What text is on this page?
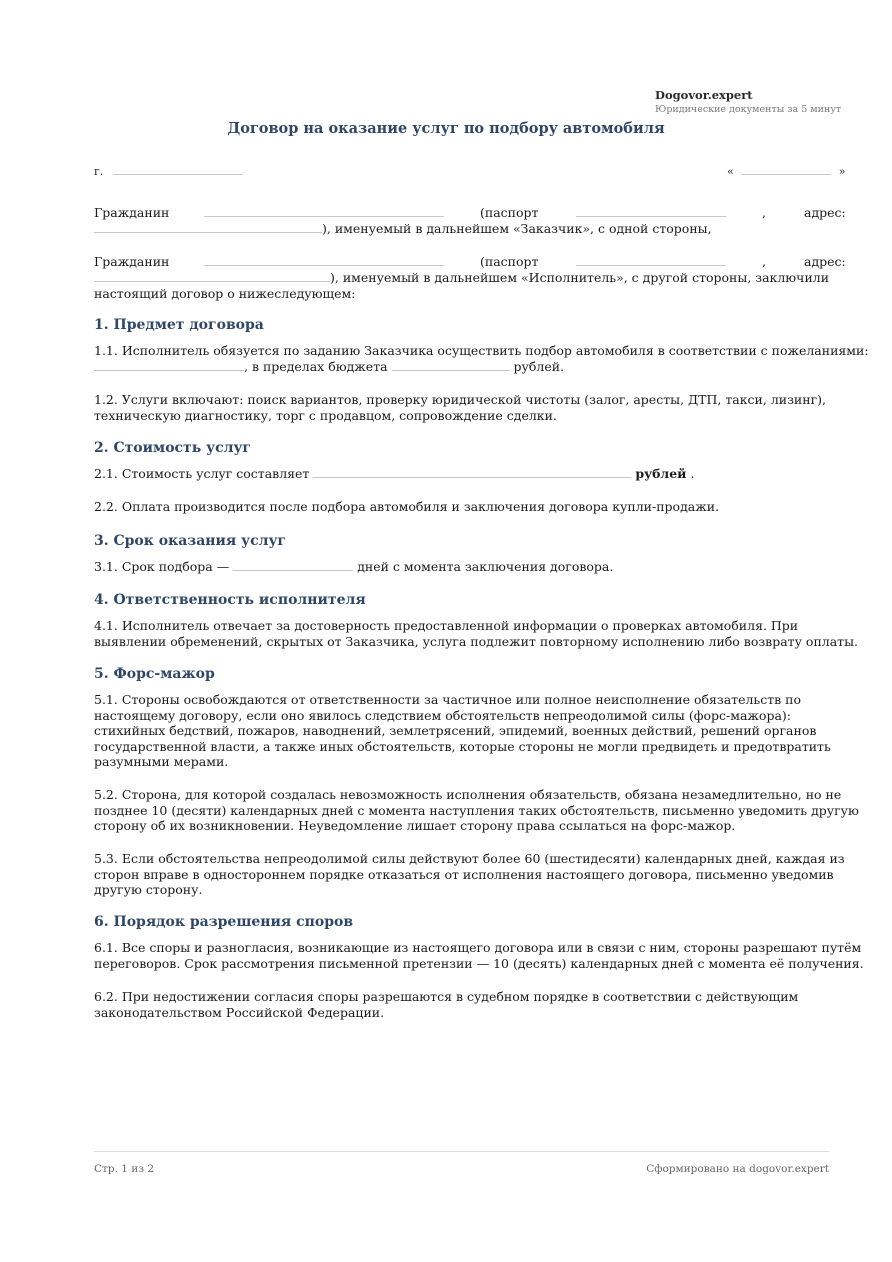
Dogovor.expert
Юридические документы за 5 минут
Договор на оказание услуг по подбору автомобиля
г.	«	»
Гражданин	(паспорт	,	адрес:
), именуемый в дальнейшем «Заказчик», с одной стороны,
Гражданин	(паспорт	,	адрес:
), именуемый в дальнейшем «Исполнитель», с другой стороны, заключили
настоящий договор о нижеследующем:
1. Предмет договора
1.1. Исполнитель обязуется по заданию Заказчика осуществить подбор автомобиля в соответствии с пожеланиями:
, в пределах бюджета	рублей.
1.2. Услуги включают: поиск вариантов, проверку юридической чистоты (залог, аресты, ДТП, такси, лизинг), техническую диагностику, торг с продавцом, сопровождение сделки.
2. Стоимость услуг
2.1. Стоимость услуг составляет	рублей .
2.2. Оплата производится после подбора автомобиля и заключения договора купли-продажи.
3. Срок оказания услуг
3.1. Срок подбора —	дней с момента заключения договора.
4. Ответственность исполнителя
4.1. Исполнитель отвечает за достоверность предоставленной информации о проверках автомобиля. При выявлении обременений, скрытых от Заказчика, услуга подлежит повторному исполнению либо возврату оплаты.
5. Форс-мажор
5.1. Стороны освобождаются от ответственности за частичное или полное неисполнение обязательств по настоящему договору, если оно явилось следствием обстоятельств непреодолимой силы (форс-мажора): стихийных бедствий, пожаров, наводнений, землетрясений, эпидемий, военных действий, решений органов государственной власти, а также иных обстоятельств, которые стороны не могли предвидеть и предотвратить разумными мерами.
5.2. Сторона, для которой создалась невозможность исполнения обязательств, обязана незамедлительно, но не позднее 10 (десяти) календарных дней с момента наступления таких обстоятельств, письменно уведомить другую сторону об их возникновении. Неуведомление лишает сторону права ссылаться на форс-мажор.
5.3. Если обстоятельства непреодолимой силы действуют более 60 (шестидесяти) календарных дней, каждая из сторон вправе в одностороннем порядке отказаться от исполнения настоящего договора, письменно уведомив другую сторону.
6. Порядок разрешения споров
6.1. Все споры и разногласия, возникающие из настоящего договора или в связи с ним, стороны разрешают путём переговоров. Срок рассмотрения письменной претензии — 10 (десять) календарных дней с момента её получения.
6.2. При недостижении согласия споры разрешаются в судебном порядке в соответствии с действующим законодательством Российской Федерации.
Стр. 1 из 2	Сформировано на dogovor.expert
